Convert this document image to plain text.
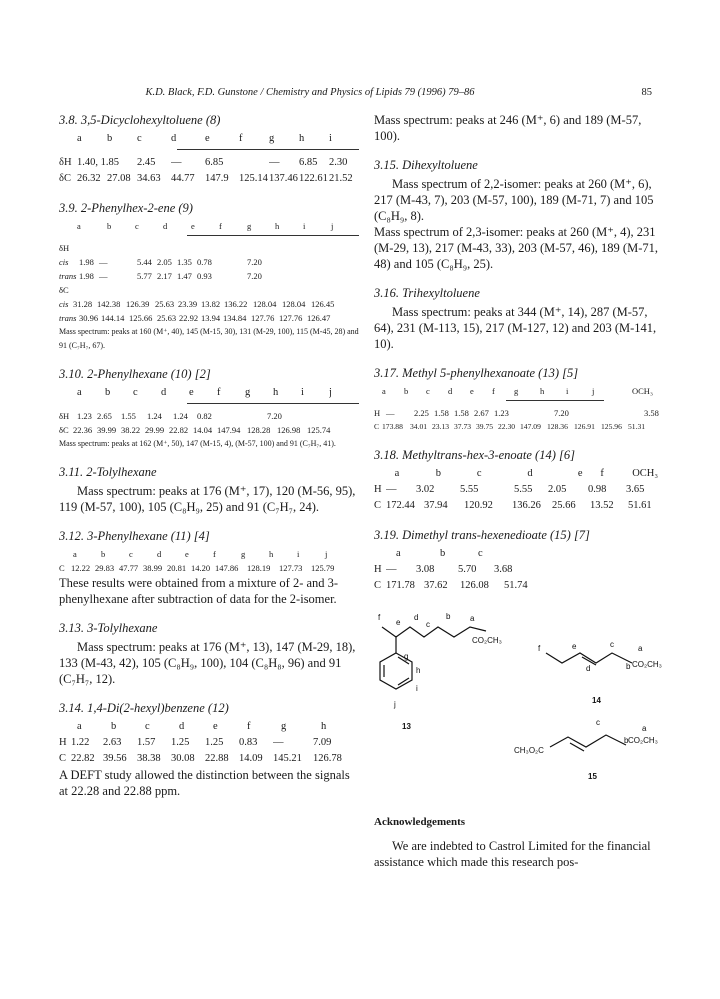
K.D. Black, F.D. Gunstone / Chemistry and Physics of Lipids 79 (1996) 79–86	85
3.8. 3,5-Dicyclohexyltoluene (8)
a	b	c	d	e	f	g	h	i
δH 1.40, 1.85	2.45	—	6.85	—	6.85	2.30
δC 26.32 27.08 34.63 44.77 147.9 125.14 137.46 122.61 21.52
3.9. 2-Phenylhex-2-ene (9)
a	b	c	d	e	f	g	h	i	j
δH
cis	1.98 —	5.44 2.05 1.35 0.78	7.20
trans 1.98 —	5.77 2.17 1.47 0.93	7.20
δC
cis 31.28 142.38 126.39 25.63 23.39 13.82 136.22 128.04 128.04 126.45
trans 30.96 144.14 125.66 25.63 22.92 13.94 134.84 127.76 127.76 126.47
Mass spectrum: peaks at 160 (M⁺, 40), 145 (M-15, 30), 131 (M-29, 100), 115 (M-45, 28) and 91 (C₇H₇, 67).
3.10. 2-Phenylhexane (10) [2]
a	b	c	d	e	f	g	h	i	j
δH 1.23 2.65	1.55	1.24	1.24	0.82	7.20
δC 22.36 39.99 38.22 29.99 22.82 14.04 147.94 128.28 126.98 125.74
Mass spectrum: peaks at 162 (M⁺, 50), 147 (M-15, 4), (M-57, 100) and 91 (C₇H₇, 41).
3.11. 2-Tolylhexane
Mass spectrum: peaks at 176 (M⁺, 17), 120 (M-56, 95), 119 (M-57, 100), 105 (C₈H₉, 25) and 91 (C₇H₇, 24).
3.12. 3-Phenylhexane (11) [4]
a	b	c	d	e	f	g	h	i	j
C 12.22 29.83 47.77 38.99 20.81 14.20 147.86	128.19	127.73	125.79
These results were obtained from a mixture of 2- and 3-phenylhexane after subtraction of data for the 2-isomer.
3.13. 3-Tolylhexane
Mass spectrum: peaks at 176 (M⁺, 13), 147 (M-29, 18), 133 (M-43, 42), 105 (C₈H₉, 100), 104 (C₈H₈, 96) and 91 (C₇H₇, 12).
3.14. 1,4-Di(2-hexyl)benzene (12)
a	b	c	d	e	f	g	h
H 1.22	2.63	1.57	1.25	1.25	0.83	—	7.09
C 22.82 39.56 38.38 30.08 22.88 14.09 145.21	126.78
A DEFT study allowed the distinction between the signals at 22.28 and 22.88 ppm.
Mass spectrum: peaks at 246 (M⁺, 6) and 189 (M-57, 100).
3.15. Dihexyltoluene
Mass spectrum of 2,2-isomer: peaks at 260 (M⁺, 6), 217 (M-43, 7), 203 (M-57, 100), 189 (M-71, 7) and 105 (C₈H₉, 8).
Mass spectrum of 2,3-isomer: peaks at 260 (M⁺, 4), 231 (M-29, 13), 217 (M-43, 33), 203 (M-57, 46), 189 (M-71, 48) and 105 (C₈H₉, 25).
3.16. Trihexyltoluene
Mass spectrum: peaks at 344 (M⁺, 14), 287 (M-57, 64), 231 (M-113, 15), 217 (M-127, 12) and 203 (M-141, 10).
3.17. Methyl 5-phenylhexanoate (13) [5]
a	b	c	d	e	f	g	h	i	j	OCH₃
H —	2.25 1.58 1.58 2.67 1.23	7.20	3.58
C 173.88 34.01 23.13 37.73 39.75 22.30 147.09 128.36 126.91 125.96 51.31
3.18. Methyltrans-hex-3-enoate (14) [6]
a	b	c	d	e	f	OCH₃
H —	3.02	5.55	5.55	2.05	0.98	3.65
C 172.44 37.94	120.92	136.26	25.66	13.52	51.61
3.19. Dimethyl trans-hexenedioate (15) [7]
a	b	c
H —	3.08	5.70	3.68
C 171.78 37.62	126.08	51.74
f
e
d
c
b a
CO₂CH₃
g
h
i
j
13
f	e
d
c
b
a
CO₂CH₃
14
c
b
a
CH₃O₂C
CO₂CH₃
15
Acknowledgements
We are indebted to Castrol Limited for the financial assistance which made this research pos-
